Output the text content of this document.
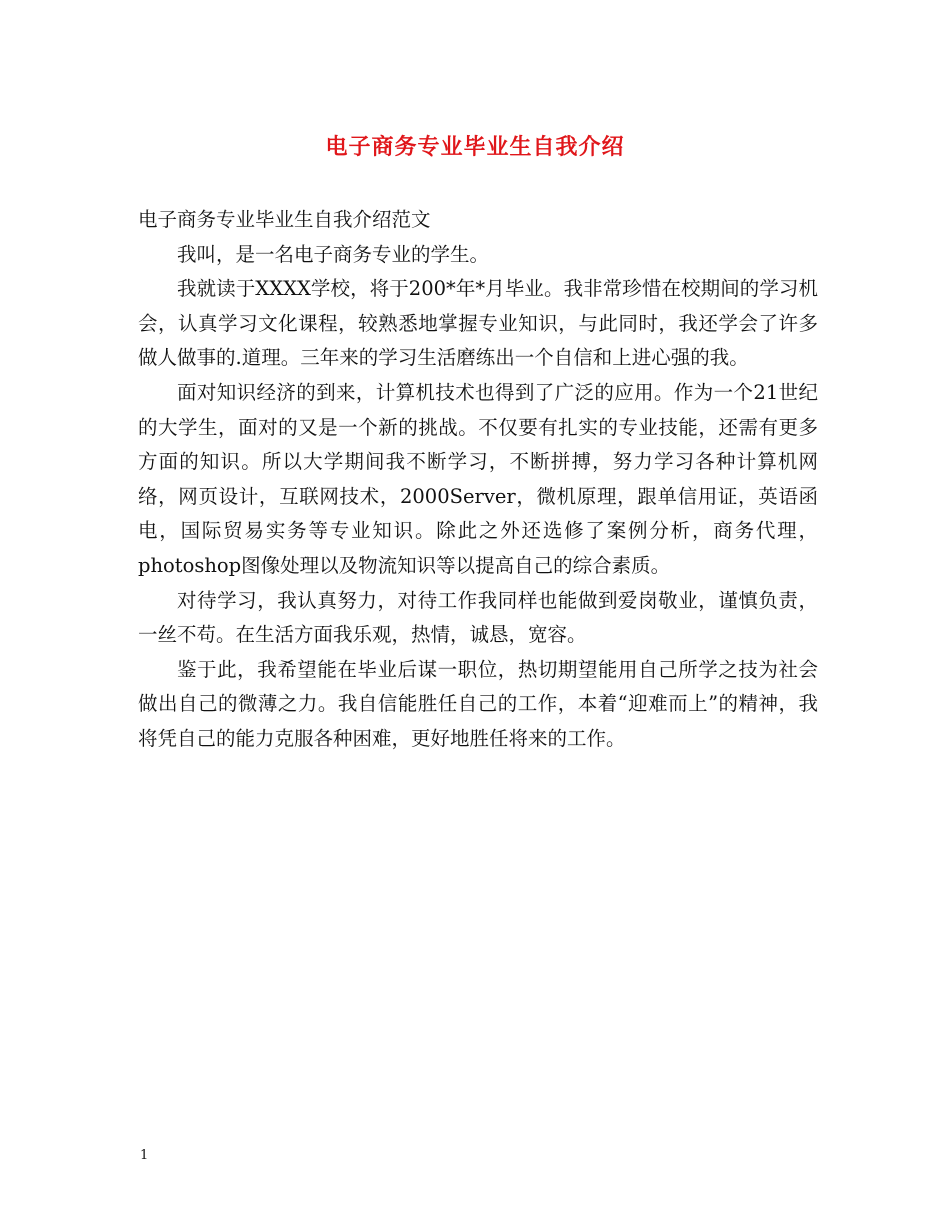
电子商务专业毕业生自我介绍

电子商务专业毕业生自我介绍范文

我叫，是一名电子商务专业的学生。

我就读于XXXX学校，将于200*年*月毕业。我非常珍惜在校期间的学习机会，认真学习文化课程，较熟悉地掌握专业知识，与此同时，我还学会了许多做人做事的.道理。三年来的学习生活磨练出一个自信和上进心强的我。

面对知识经济的到来，计算机技术也得到了广泛的应用。作为一个21世纪的大学生，面对的又是一个新的挑战。不仅要有扎实的专业技能，还需有更多方面的知识。所以大学期间我不断学习，不断拼搏，努力学习各种计算机网络，网页设计，互联网技术，2000Server，微机原理，跟单信用证，英语函电，国际贸易实务等专业知识。除此之外还选修了案例分析，商务代理，photoshop图像处理以及物流知识等以提高自己的综合素质。

对待学习，我认真努力，对待工作我同样也能做到爱岗敬业，谨慎负责，一丝不苟。在生活方面我乐观，热情，诚恳，宽容。

鉴于此，我希望能在毕业后谋一职位，热切期望能用自己所学之技为社会做出自己的微薄之力。我自信能胜任自己的工作，本着“迎难而上”的精神，我将凭自己的能力克服各种困难，更好地胜任将来的工作。

1
